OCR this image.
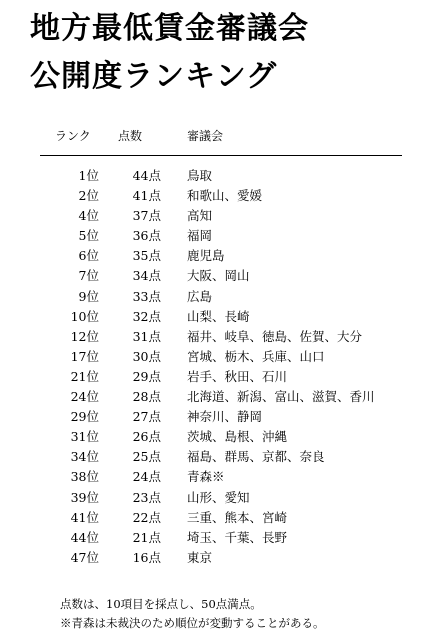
地方最低賃金審議会
公開度ランキング
ランク 点数	審議会
1位	44点 鳥取
2位	41点 和歌山、愛媛
4位	37点 高知
5位	36点 福岡
6位	35点 鹿児島
7位	34点 大阪、岡山
9位	33点 広島
10位	32点 山梨、長崎
12位	31点 福井、岐阜、徳島、佐賀、大分
17位	30点 宮城、栃木、兵庫、山口
21位	29点 岩手、秋田、石川
24位	28点 北海道、新潟、富山、滋賀、香川
29位	27点 神奈川、静岡
31位	26点 茨城、島根、沖縄
34位	25点 福島、群馬、京都、奈良
38位	24点 青森※
39位	23点 山形、愛知
41位	22点 三重、熊本、宮崎
44位	21点 埼玉、千葉、長野
47位	16点 東京
点数は、10項目を採点し、50点満点。
※青森は未裁決のため順位が変動することがある。
